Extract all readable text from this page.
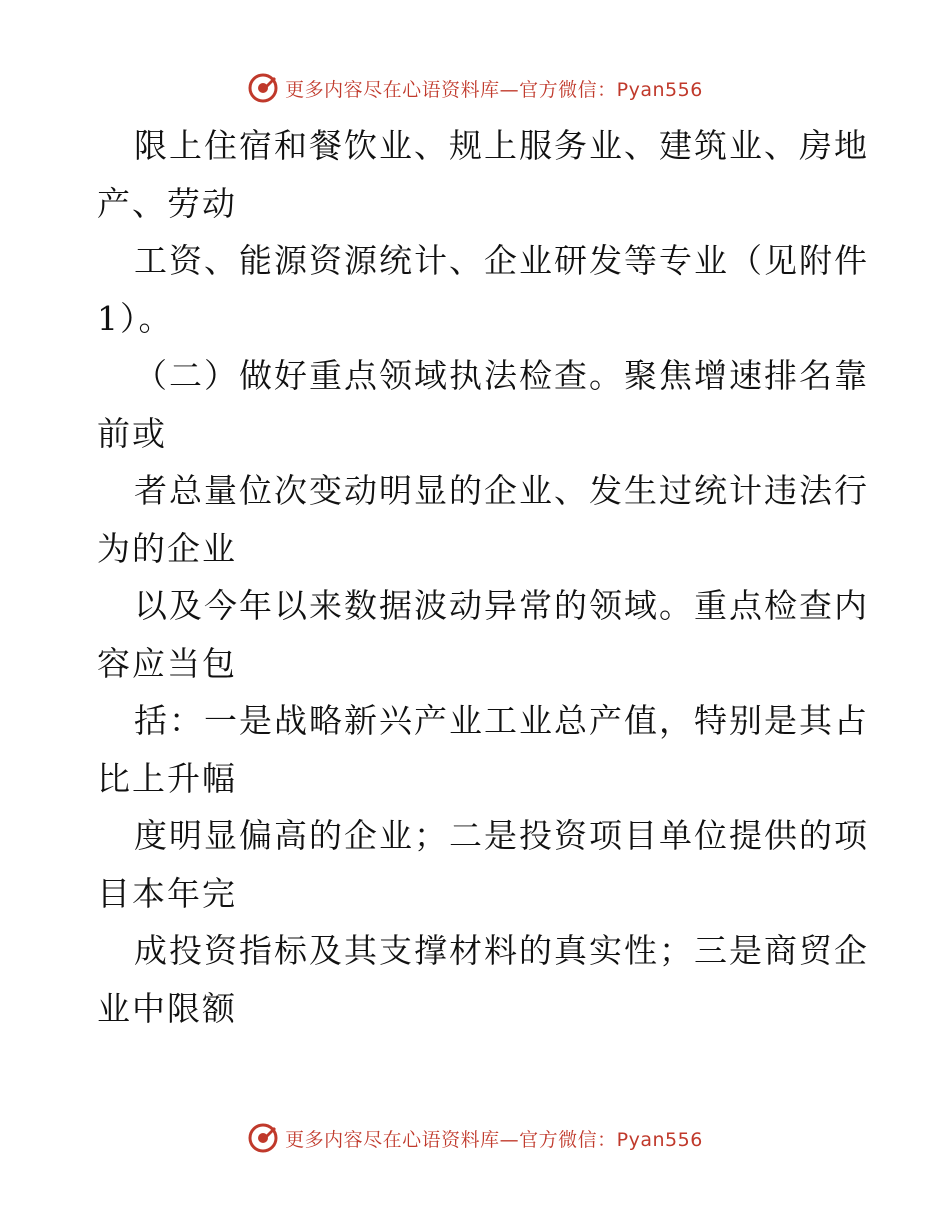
更多内容尽在心语资料库—官方微信：Pyan556
限上住宿和餐饮业、规上服务业、建筑业、房地
产、劳动
工资、能源资源统计、企业研发等专业（见附件
1）。
（二）做好重点领域执法检查。聚焦增速排名靠
前或
者总量位次变动明显的企业、发生过统计违法行
为的企业
以及今年以来数据波动异常的领域。重点检查内
容应当包
括：一是战略新兴产业工业总产值，特别是其占
比上升幅
度明显偏高的企业；二是投资项目单位提供的项
目本年完
成投资指标及其支撑材料的真实性；三是商贸企
业中限额
更多内容尽在心语资料库—官方微信：Pyan556
